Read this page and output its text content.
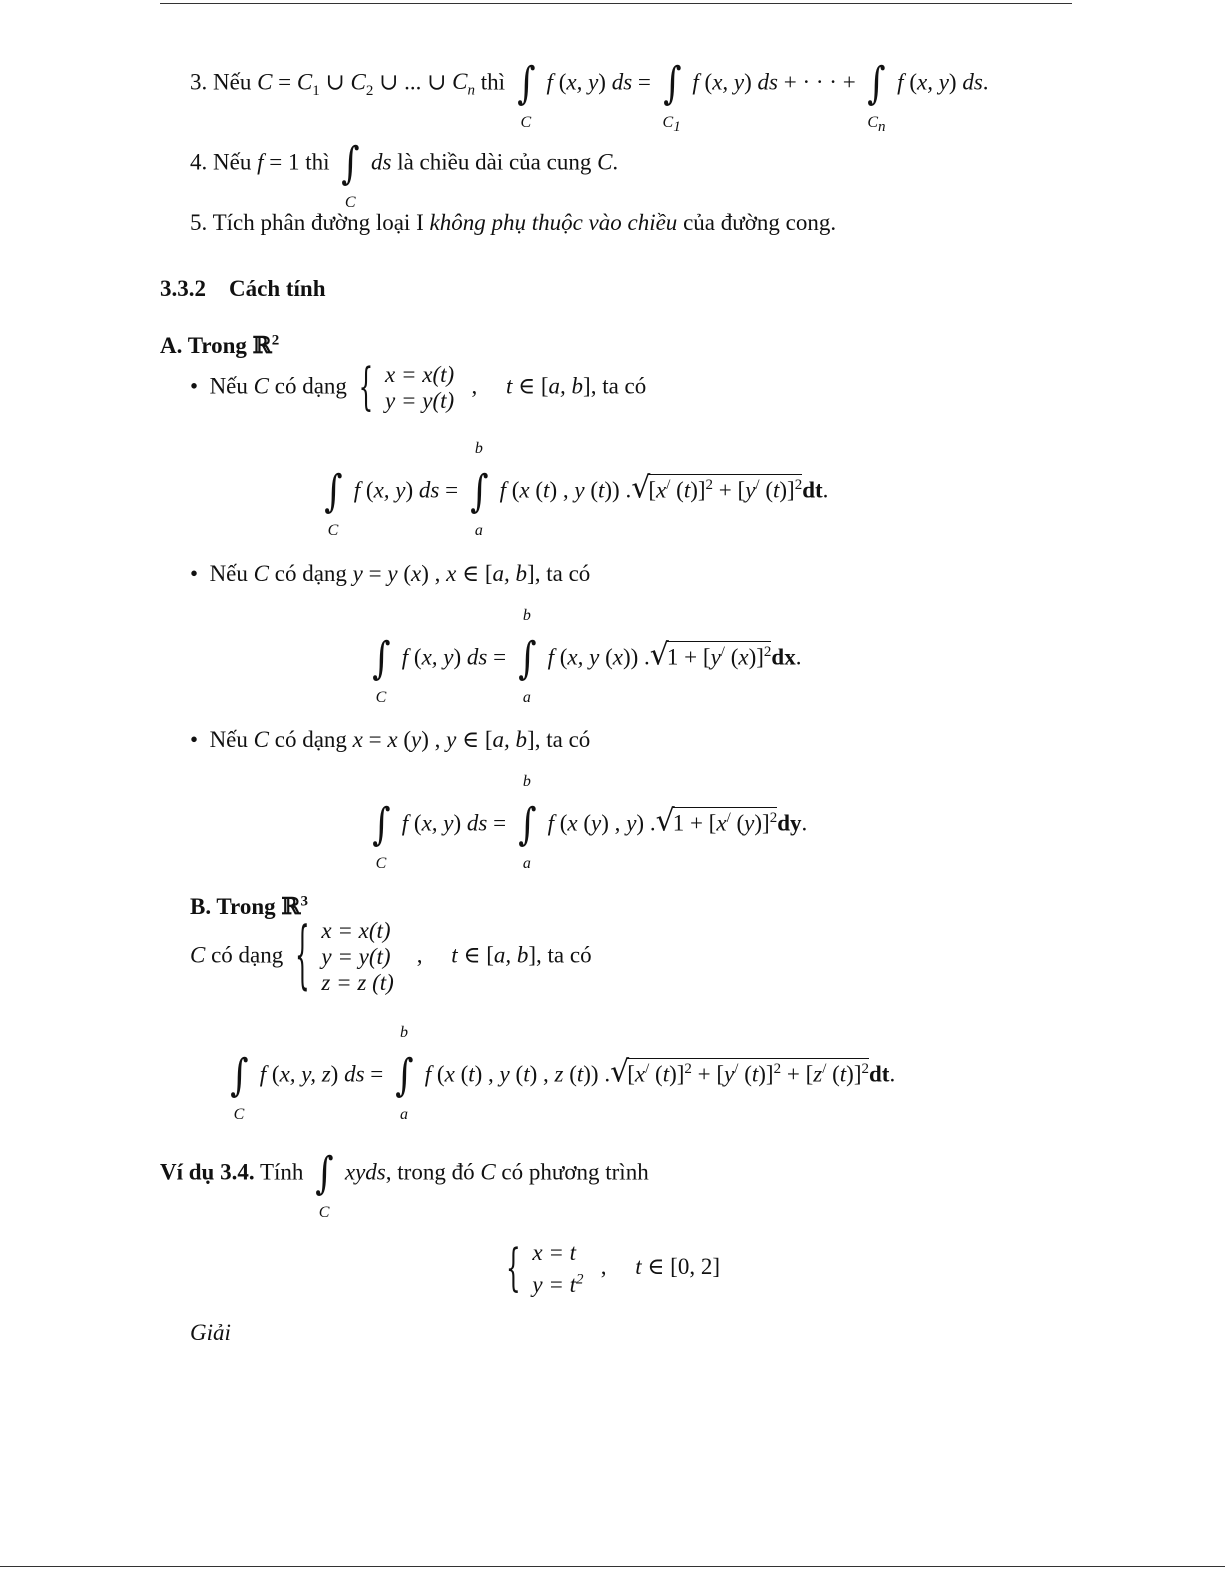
3. Nếu $C = C_1$ ∪ $C_2$ ∪ ... ∪ $C_n$ thì ∫
C
f (x, y) ds = ∫
$C_1$
f (x, y) ds + · · · + ∫
$C_n$
f (x, y) ds.
4. Nếu f = 1 thì ∫
C
ds là chiều dài của cung C.
5. Tích phân đường loại I không phụ thuộc vào chiều của đường cong.
3.3.2 Cách tính
A. Trong ℝ$^2$
• Nếu C có dạng { x = x(t)
y = y(t)   ,     t ∈ [a, b], ta có
∫
C
f (x, y) ds =
b
∫
a
f (x (t) , y (t)) .√[x/ (t)]$^2$ + [y/ (t)]$^2$dt.
• Nếu C có dạng y = y (x) , x ∈ [a, b], ta có
∫
C
f (x, y) ds =
b
∫
a
f (x, y (x)) .√1 + [y/ (x)]$^2$dx.
• Nếu C có dạng x = x (y) , y ∈ [a, b], ta có
∫
C
f (x, y) ds =
b
∫
a
f (x (y) , y) .√1 + [x/ (y)]$^2$dy.
B. Trong ℝ$^3$
C có dạng { x = x(t)
y = y(t)
z = z (t)    ,     t ∈ [a, b], ta có
∫
C
f (x, y, z) ds =
b
∫
a
f (x (t) , y (t) , z (t)) .√[x/ (t)]$^2$ + [y/ (t)]$^2$ + [z/ (t)]$^2$dt.
Ví dụ 3.4. Tính ∫
C
xyds, trong đó C có phương trình
{ x = t
$y = t^2$   ,     t ∈ [0, 2]
Giải
